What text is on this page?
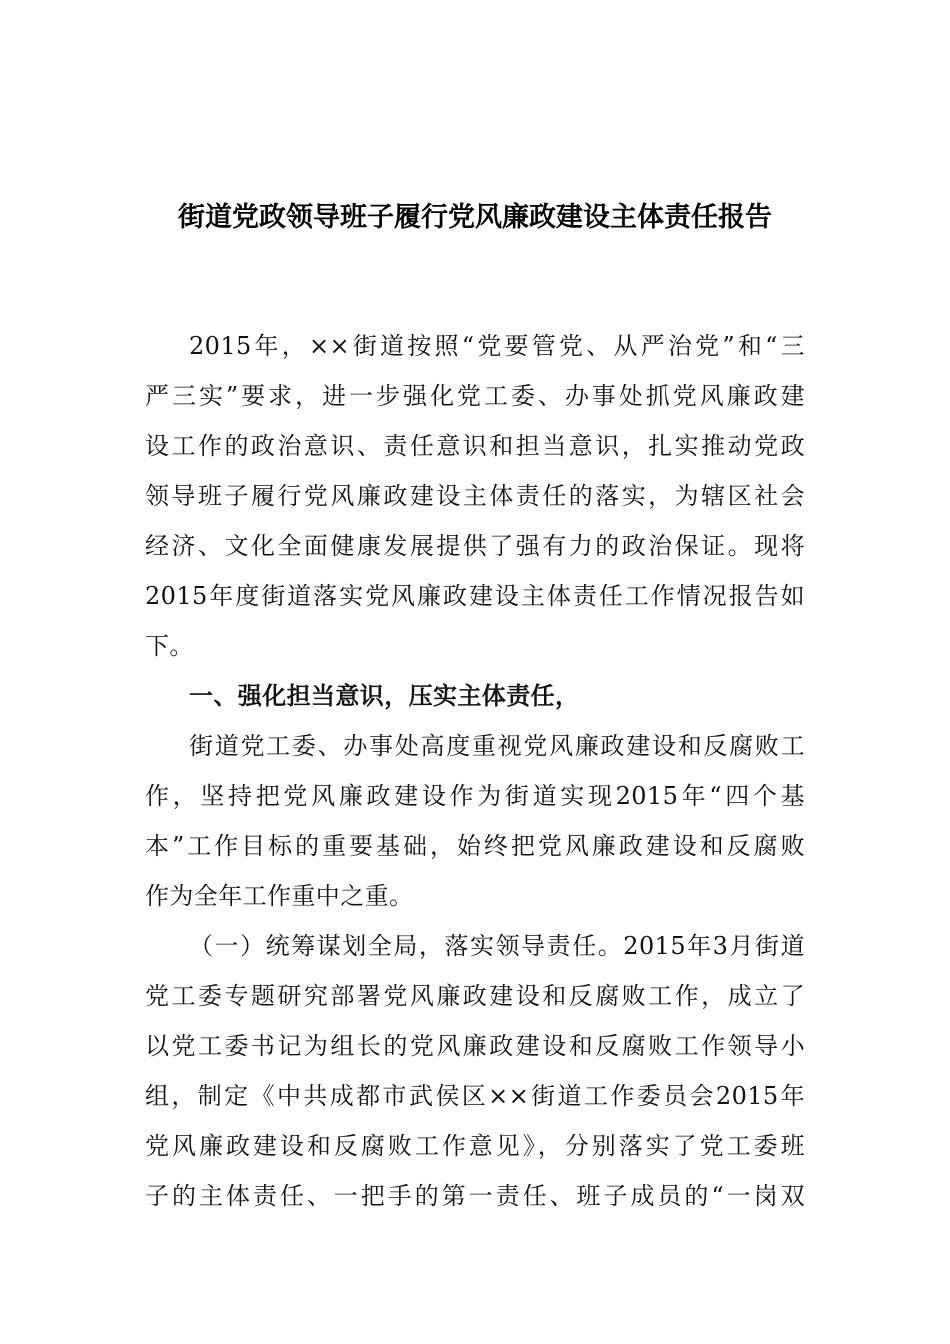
街道党政领导班子履行党风廉政建设主体责任报告
2015年，××街道按照“党要管党、从严治党”和“三
严三实”要求，进一步强化党工委、办事处抓党风廉政建
设工作的政治意识、责任意识和担当意识，扎实推动党政
领导班子履行党风廉政建设主体责任的落实，为辖区社会
经济、文化全面健康发展提供了强有力的政治保证。现将
2015年度街道落实党风廉政建设主体责任工作情况报告如
下。
一、强化担当意识，压实主体责任，
街道党工委、办事处高度重视党风廉政建设和反腐败工
作，坚持把党风廉政建设作为街道实现2015年“四个基
本”工作目标的重要基础，始终把党风廉政建设和反腐败
作为全年工作重中之重。
（一）统筹谋划全局，落实领导责任。2015年3月街道
党工委专题研究部署党风廉政建设和反腐败工作，成立了
以党工委书记为组长的党风廉政建设和反腐败工作领导小
组，制定《中共成都市武侯区××街道工作委员会2015年
党风廉政建设和反腐败工作意见》，分别落实了党工委班
子的主体责任、一把手的第一责任、班子成员的“一岗双
